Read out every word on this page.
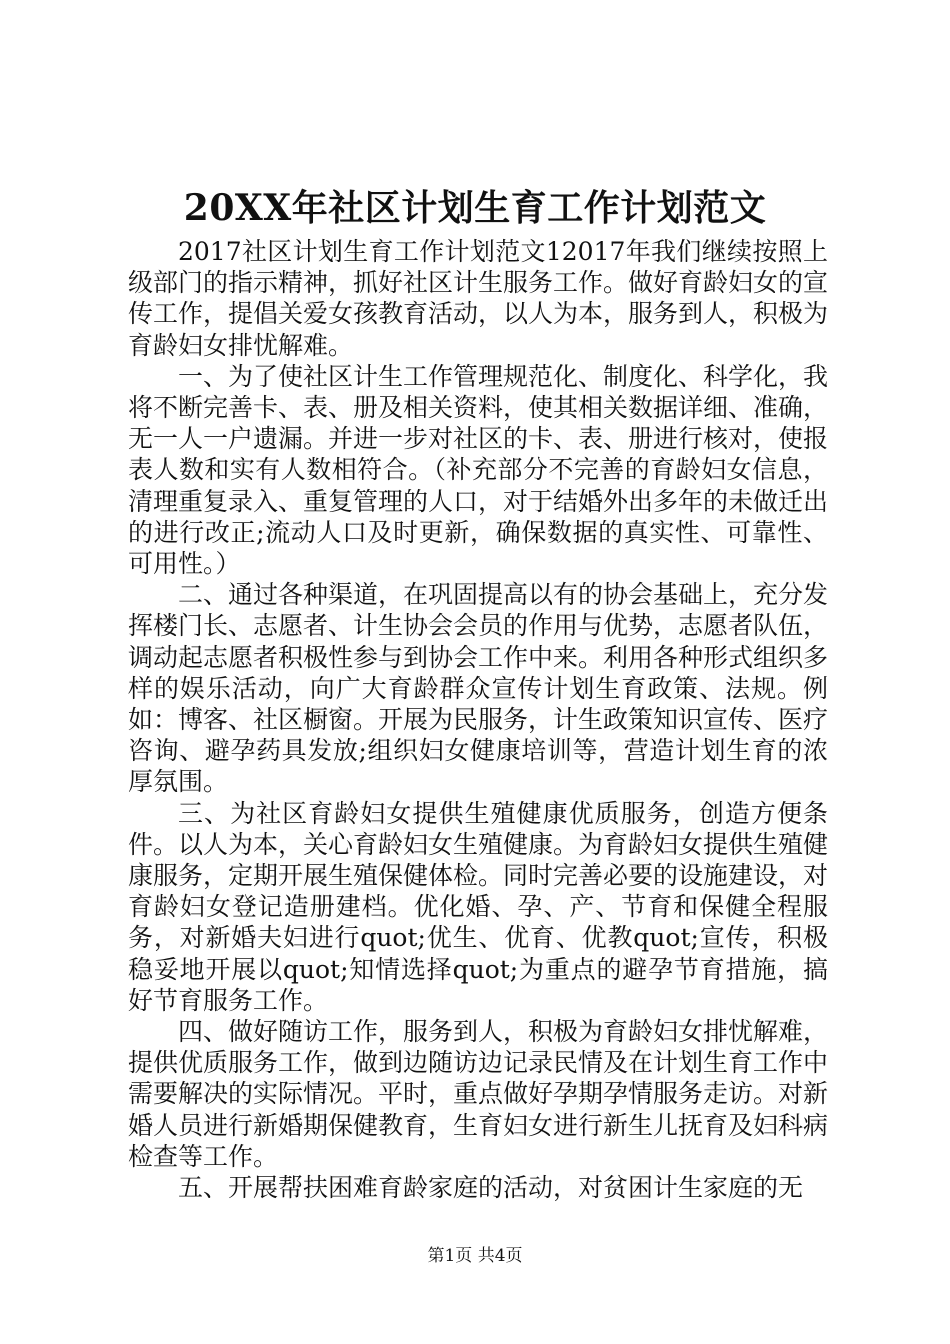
20XX年社区计划生育工作计划范文

2017社区计划生育工作计划范文12017年我们继续按照上级部门的指示精神，抓好社区计生服务工作。做好育龄妇女的宣传工作，提倡关爱女孩教育活动，以人为本，服务到人，积极为育龄妇女排忧解难。

一、为了使社区计生工作管理规范化、制度化、科学化，我将不断完善卡、表、册及相关资料，使其相关数据详细、准确，无一人一户遗漏。并进一步对社区的卡、表、册进行核对，使报表人数和实有人数相符合。（补充部分不完善的育龄妇女信息，清理重复录入、重复管理的人口，对于结婚外出多年的未做迁出的进行改正;流动人口及时更新，确保数据的真实性、可靠性、可用性。）

二、通过各种渠道，在巩固提高以有的协会基础上，充分发挥楼门长、志愿者、计生协会会员的作用与优势，志愿者队伍，调动起志愿者积极性参与到协会工作中来。利用各种形式组织多样的娱乐活动，向广大育龄群众宣传计划生育政策、法规。例如：博客、社区橱窗。开展为民服务，计生政策知识宣传、医疗咨询、避孕药具发放;组织妇女健康培训等，营造计划生育的浓厚氛围。

三、为社区育龄妇女提供生殖健康优质服务，创造方便条件。以人为本，关心育龄妇女生殖健康。为育龄妇女提供生殖健康服务，定期开展生殖保健体检。同时完善必要的设施建设，对育龄妇女登记造册建档。优化婚、孕、产、节育和保健全程服务，对新婚夫妇进行quot;优生、优育、优教quot;宣传，积极稳妥地开展以quot;知情选择quot;为重点的避孕节育措施，搞好节育服务工作。

四、做好随访工作，服务到人，积极为育龄妇女排忧解难，提供优质服务工作，做到边随访边记录民情及在计划生育工作中需要解决的实际情况。平时，重点做好孕期孕情服务走访。对新婚人员进行新婚期保健教育，生育妇女进行新生儿抚育及妇科病检查等工作。

五、开展帮扶困难育龄家庭的活动，对贫困计生家庭的无

第1页 共4页
